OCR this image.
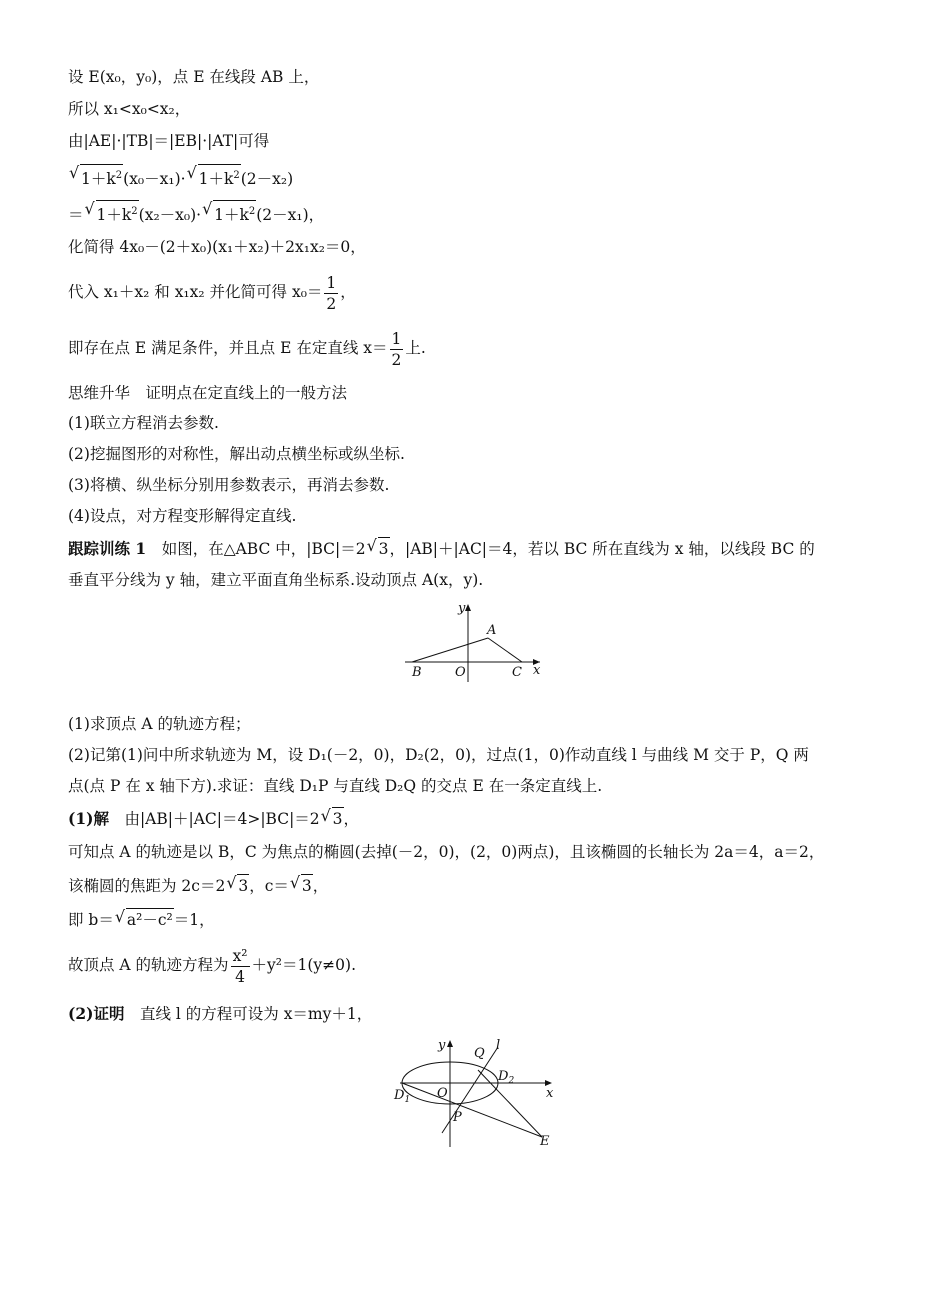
设 E(x₀，y₀)，点 E 在线段 AB 上，
所以 x₁<x₀<x₂，
由|AE|·|TB|＝|EB|·|AT|可得
√ $1+k^2(x_0-x_1)\cdot√$ $1+k^2(2-x_2)$
＝√ $1+k^2(x_2-x_0)\cdot√$ $1+k^2(2-x_1)$，
化简得 4x₀－(2＋x₀)(x₁＋x₂)＋2x₁x₂＝0，
代入 x₁＋x₂ 和 x₁x₂ 并化简可得 $x_0= \frac{1}{2}$ ，
即存在点 E 满足条件，并且点 E 在定直线 $x= \frac{1}{2}$ 上.
思维升华　证明点在定直线上的一般方法
(1)联立方程消去参数.
(2)挖掘图形的对称性，解出动点横坐标或纵坐标.
(3)将横、纵坐标分别用参数表示，再消去参数.
(4)设点，对方程变形解得定直线.
跟踪训练 1　如图，在△ABC 中，|BC|＝2√ 3，|AB|＋|AC|＝4，若以 BC 所在直线为 x 轴，以线段 BC 的
垂直平分线为 y 轴，建立平面直角坐标系.设动顶点 A(x，y).
y
A
B	O	C x
(1)求顶点 A 的轨迹方程；
(2)记第(1)问中所求轨迹为 M，设 D₁(－2，0)，D₂(2，0)，过点(1，0)作动直线 l 与曲线 M 交于 P，Q 两
点(点 P 在 x 轴下方).求证：直线 D₁P 与直线 D₂Q 的交点 E 在一条定直线上.
(1)解　由|AB|＋|AC|＝4>|BC|＝2√ 3，
可知点 A 的轨迹是以 B，C 为焦点的椭圆(去掉(－2，0)，(2，0)两点)，且该椭圆的长轴长为 2a＝4，a＝2，
该椭圆的焦距为 2c＝2√ 3，c＝√ 3，
即 b＝√ a²－c²＝1，
故顶点 A 的轨迹方程为 $\frac{\text{x²}}{4} +y^2=1(y\ne 0)$.
(2)证明　直线 l 的方程可设为 x＝my＋1，
y
Q
l
$D_2$
$D_1$ O
P
x
E
